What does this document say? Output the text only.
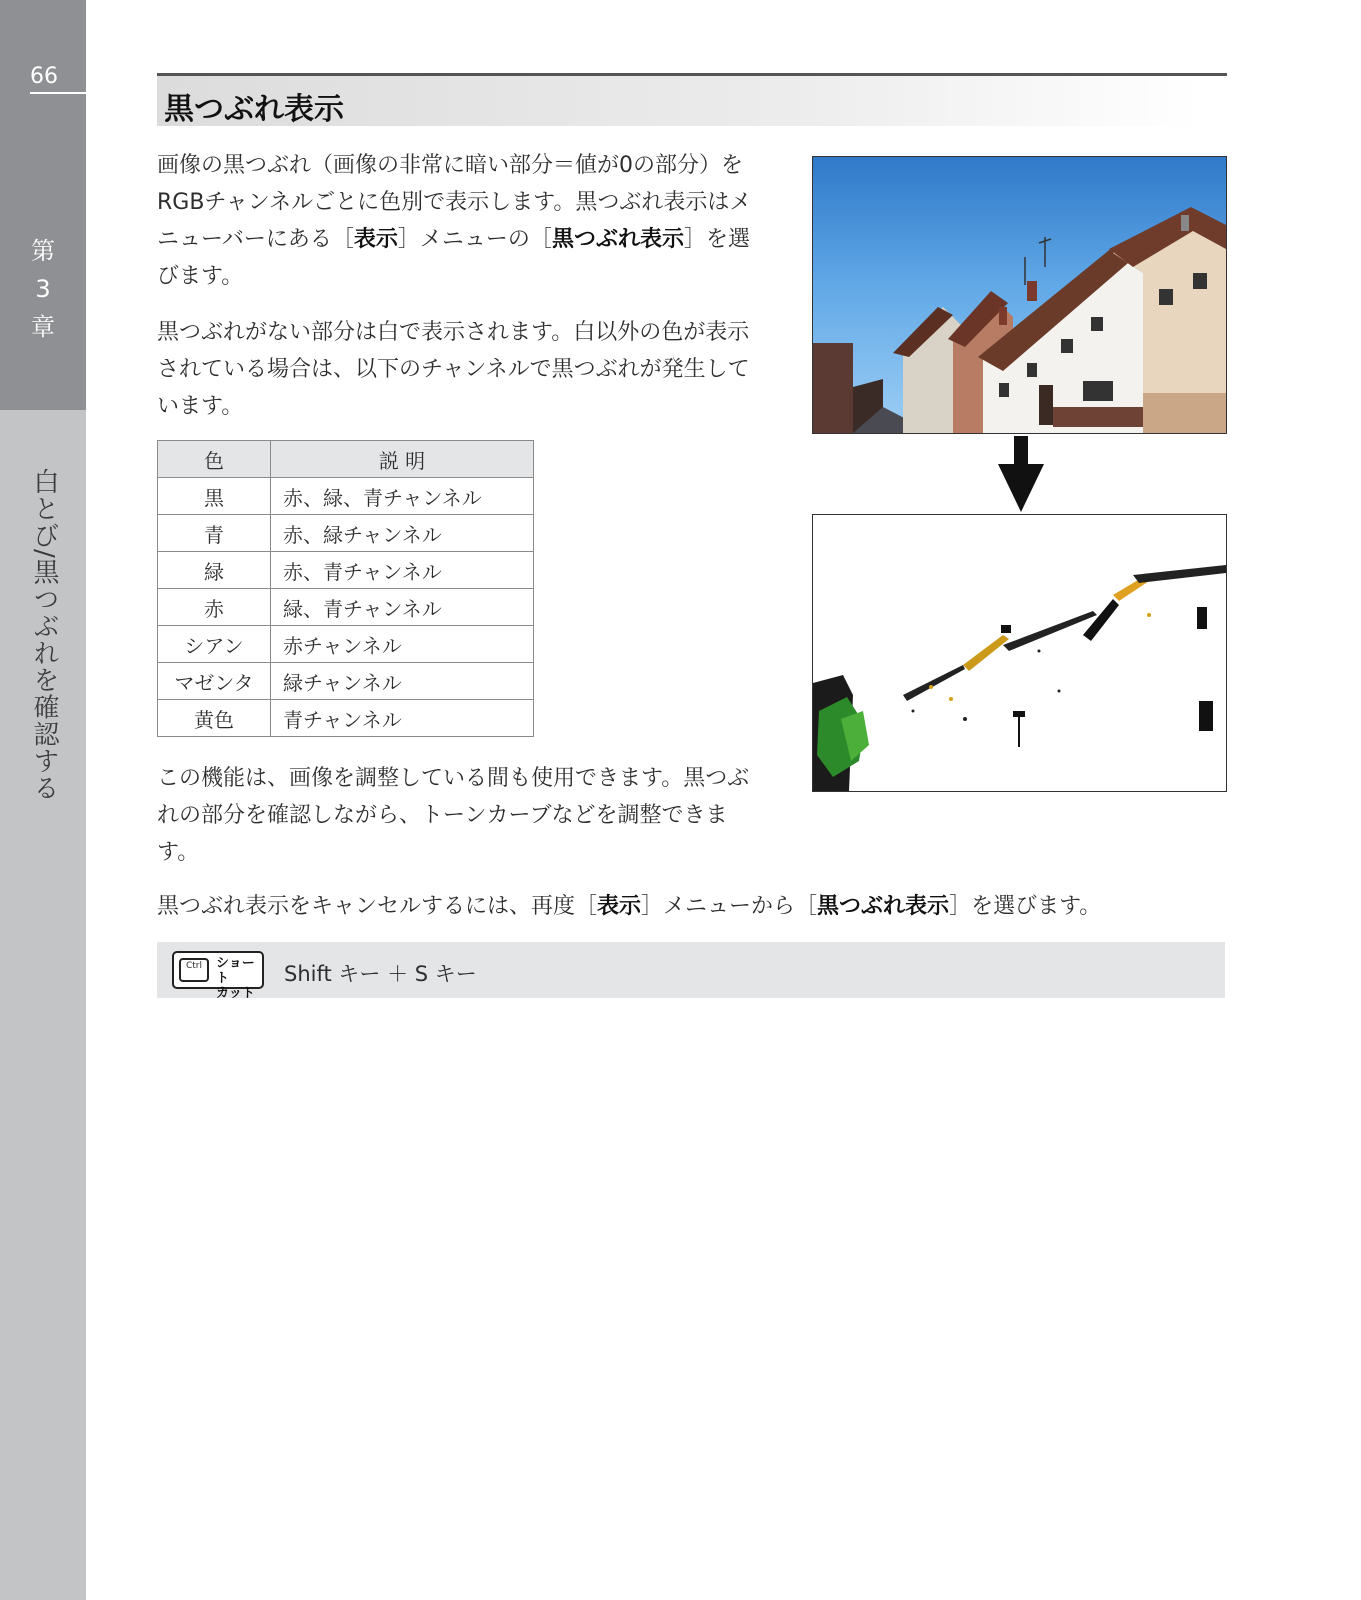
66
第
3
章
白とび/黒つぶれを確認する
黒つぶれ表示
画像の黒つぶれ（画像の非常に暗い部分＝値が0の部分）をRGBチャンネルごとに色別で表示します。黒つぶれ表示はメニューバーにある［表示］メニューの［黒つぶれ表示］を選びます。
黒つぶれがない部分は白で表示されます。白以外の色が表示されている場合は、以下のチャンネルで黒つぶれが発生しています。
色	説 明
黒	赤、緑、青チャンネル
青	赤、緑チャンネル
緑	赤、青チャンネル
赤	緑、青チャンネル
シアン	赤チャンネル
マゼンタ	緑チャンネル
黄色	青チャンネル
この機能は、画像を調整している間も使用できます。黒つぶれの部分を確認しながら、トーンカーブなどを調整できます。
黒つぶれ表示をキャンセルするには、再度［表示］メニューから［黒つぶれ表示］を選びます。
Ctrl	ショー ト
カット
Shift キー ＋ S キー
